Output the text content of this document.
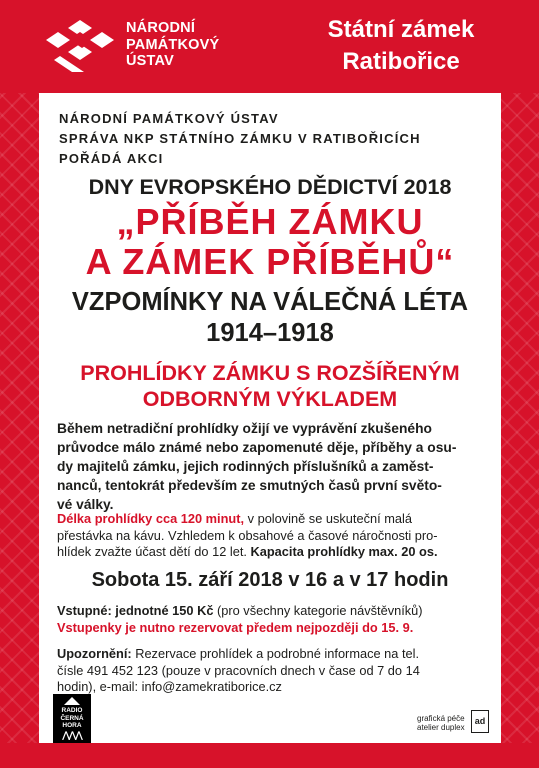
NÁRODNÍ
PAMÁTKOVÝ
ÚSTAV
Státní zámek
Ratibořice
NÁRODNÍ PAMÁTKOVÝ ÚSTAV
SPRÁVA NKP STÁTNÍHO ZÁMKU V RATIBOŘICÍCH
POŘÁDÁ AKCI
DNY EVROPSKÉHO DĚDICTVÍ 2018
„PŘÍBĚH ZÁMKU
A ZÁMEK PŘÍBĚHŮ“
VZPOMÍNKY NA VÁLEČNÁ LÉTA
1914–1918
PROHLÍDKY ZÁMKU S ROZŠÍŘENÝM
ODBORNÝM VÝKLADEM
Během netradiční prohlídky ožijí ve vyprávění zkušeného
průvodce málo známé nebo zapomenuté děje, příběhy a osu-
dy majitelů zámku, jejich rodinných příslušníků a zaměst-
nanců, tentokrát především ze smutných časů první světo-
vé války.
Délka prohlídky cca 120 minut, v polovině se uskuteční malá
přestávka na kávu. Vzhledem k obsahové a časové náročnosti pro-
hlídek zvažte účast dětí do 12 let. Kapacita prohlídky max. 20 os.
Sobota 15. září 2018 v 16 a v 17 hodin
Vstupné: jednotné 150 Kč (pro všechny kategorie návštěvníků)
Vstupenky je nutno rezervovat předem nejpozději do 15. 9.
Upozornění: Rezervace prohlídek a podrobné informace na tel.
čísle 491 452 123 (pouze v pracovních dnech v čase od 7 do 14
hodin), e-mail: info@zamekratiborice.cz
RADIO
ČERNÁ
HORA
⋀⋀⋀
grafická péče
atelier duplex
ad
